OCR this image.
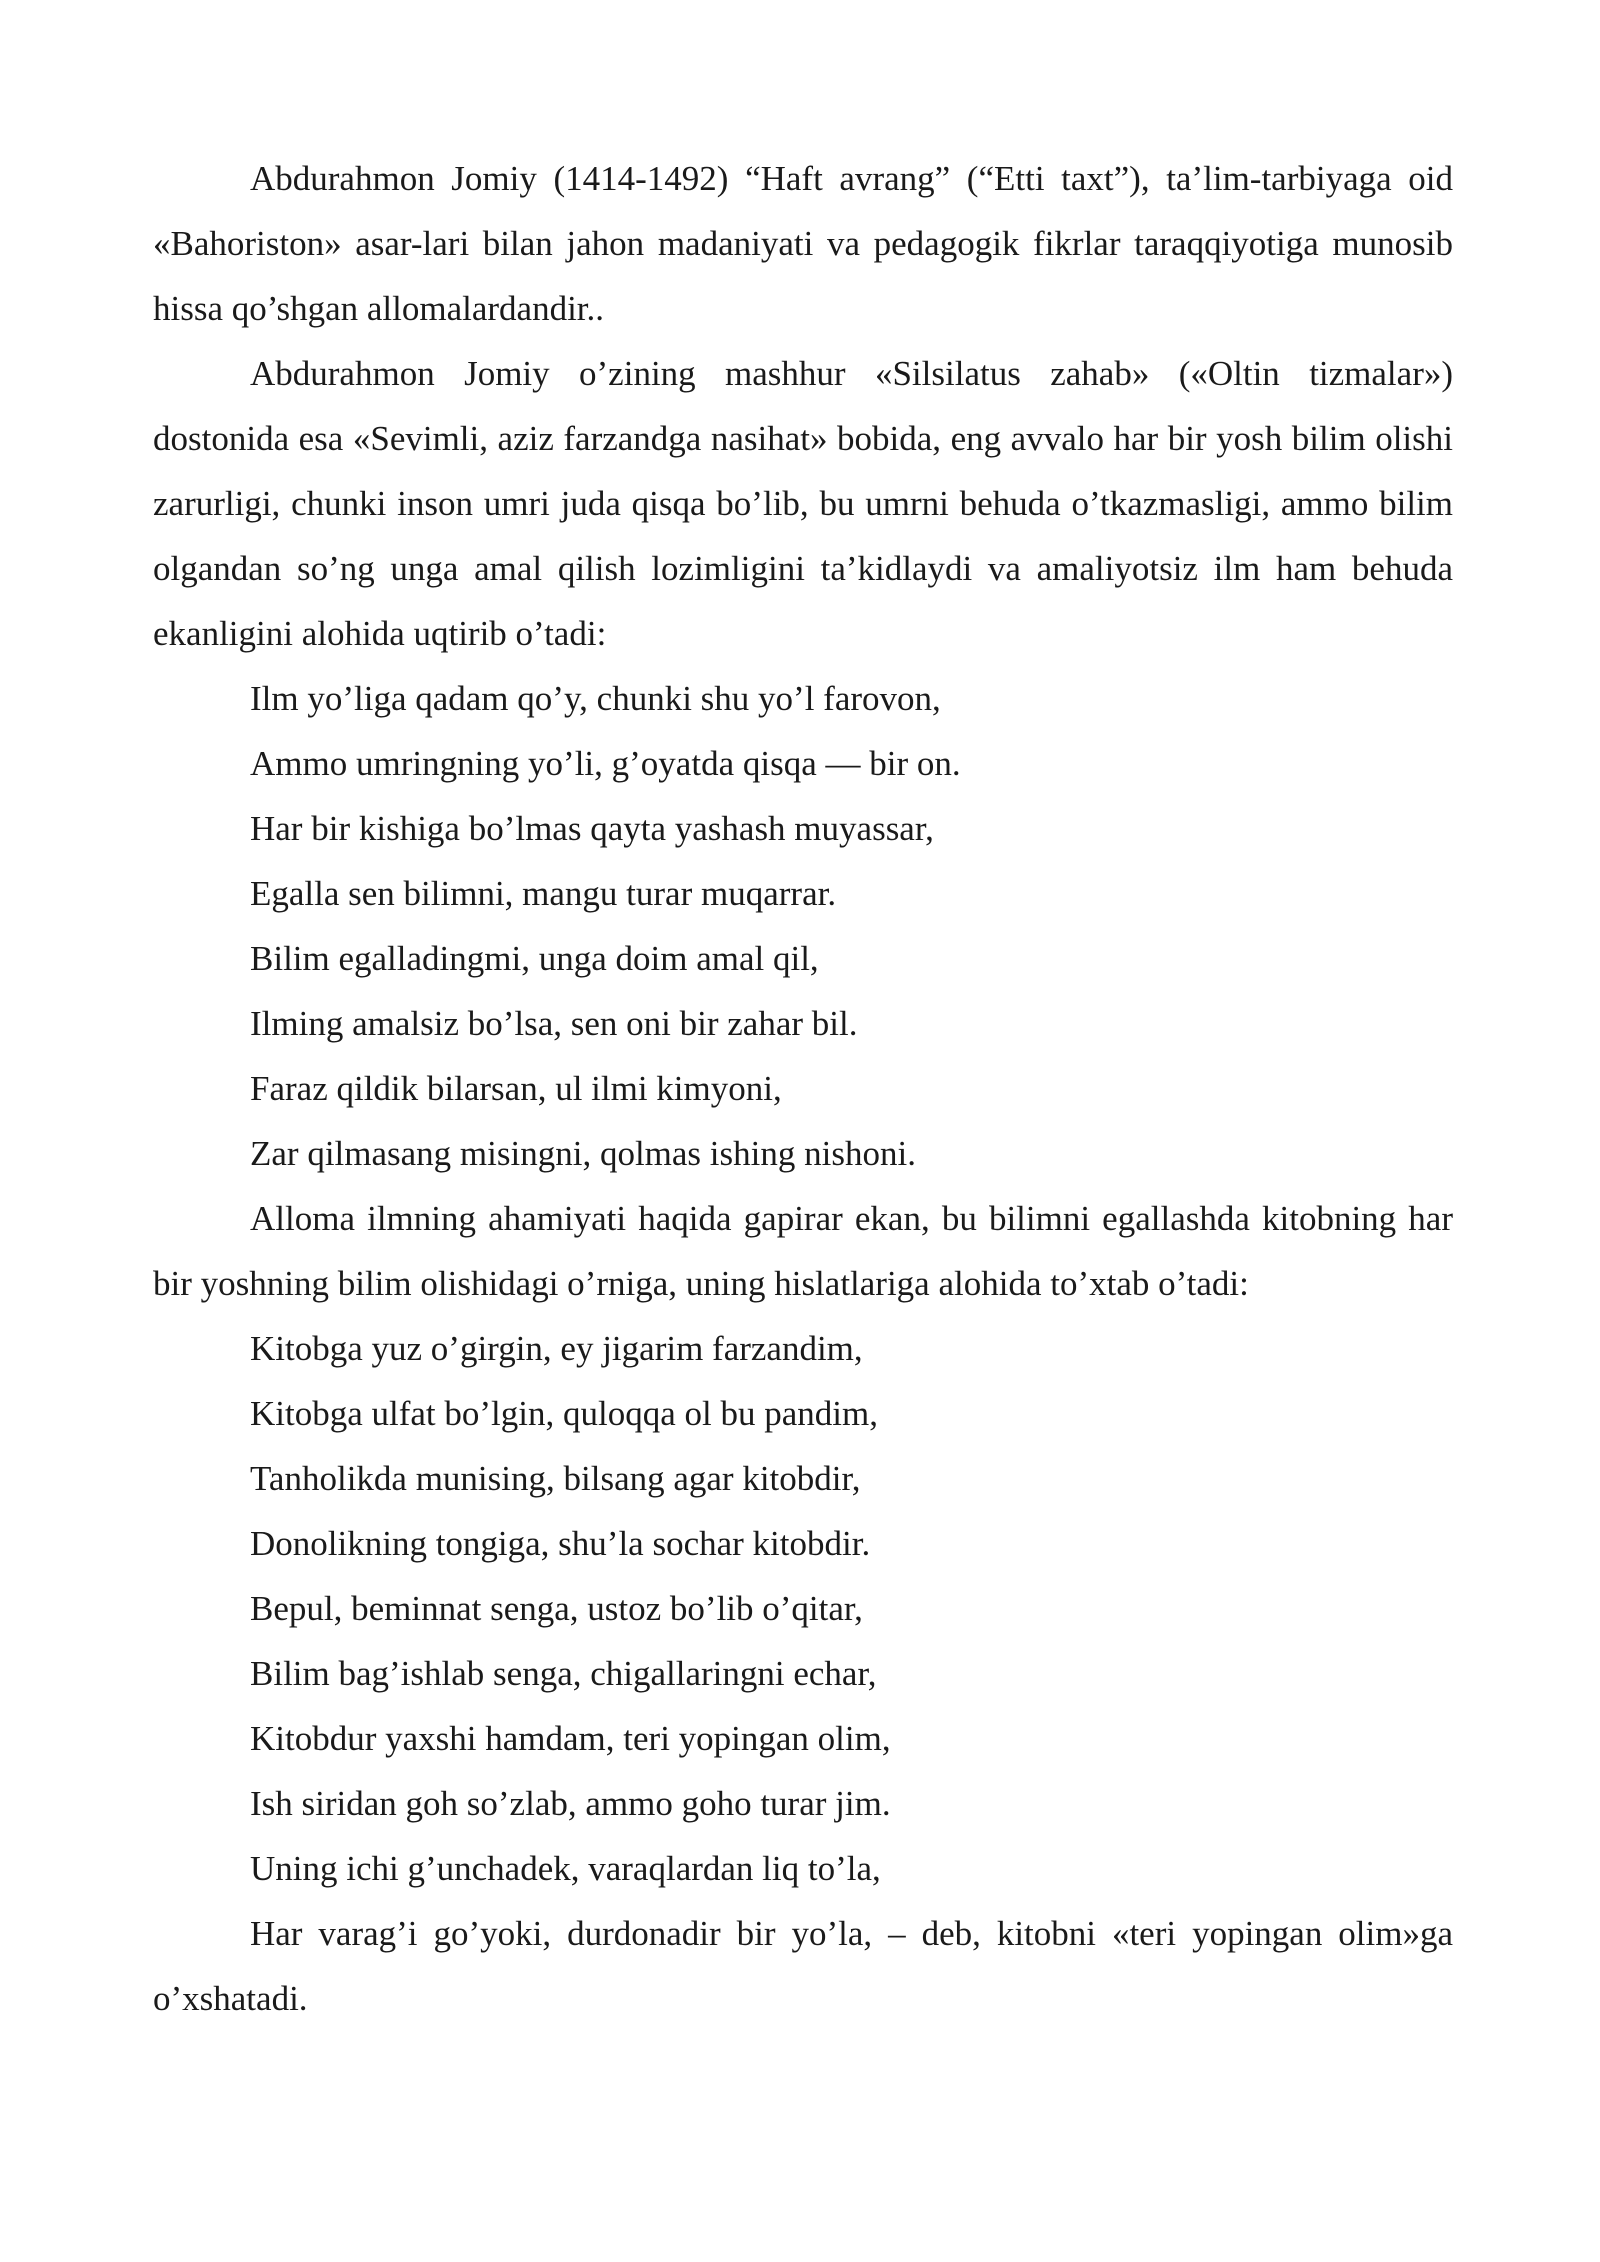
Abdurahmon Jomiy (1414-1492) “Haft avrang” (“Etti taxt”), ta’lim-tarbiyaga oid «Bahoriston» asar-lari bilan jahon madaniyati va pedagogik fikrlar taraqqiyotiga munosib hissa qo’shgan allomalardandir..

Abdurahmon Jomiy o’zining mashhur «Silsilatus zahab» («Oltin tizmalar») dostonida esa «Sevimli, aziz farzandga nasihat» bobida, eng avvalo har bir yosh bilim olishi zarurligi, chunki inson umri juda qisqa bo’lib, bu umrni behuda o’tkazmasligi, ammo bilim olgandan so’ng unga amal qilish lozimligini ta’kidlaydi va amaliyotsiz ilm ham behuda ekanligini alohida uqtirib o’tadi:

Ilm yo’liga qadam qo’y, chunki shu yo’l farovon,

Ammo umringning yo’li, g’oyatda qisqa — bir on.

Har bir kishiga bo’lmas qayta yashash muyassar,

Egalla sen bilimni, mangu turar muqarrar.

Bilim egalladingmi, unga doim amal qil,

Ilming amalsiz bo’lsa, sen oni bir zahar bil.

Faraz qildik bilarsan, ul ilmi kimyoni,

Zar qilmasang misingni, qolmas ishing nishoni.

Alloma ilmning ahamiyati haqida gapirar ekan, bu bilimni egallashda kitobning har bir yoshning bilim olishidagi o’rniga, uning hislatlariga alohida to’xtab o’tadi:

Kitobga yuz o’girgin, ey jigarim farzandim,

Kitobga ulfat bo’lgin, quloqqa ol bu pandim,

Tanholikda munising, bilsang agar kitobdir,

Donolikning tongiga, shu’la sochar kitobdir.

Bepul, beminnat senga, ustoz bo’lib o’qitar,

Bilim bag’ishlab senga, chigallaringni echar,

Kitobdur yaxshi hamdam, teri yopingan olim,

Ish siridan goh so’zlab, ammo goho turar jim.

Uning ichi g’unchadek, varaqlardan liq to’la,

Har varag’i go’yoki, durdonadir bir yo’la, – deb, kitobni «teri yopingan olim»ga o’xshatadi.
